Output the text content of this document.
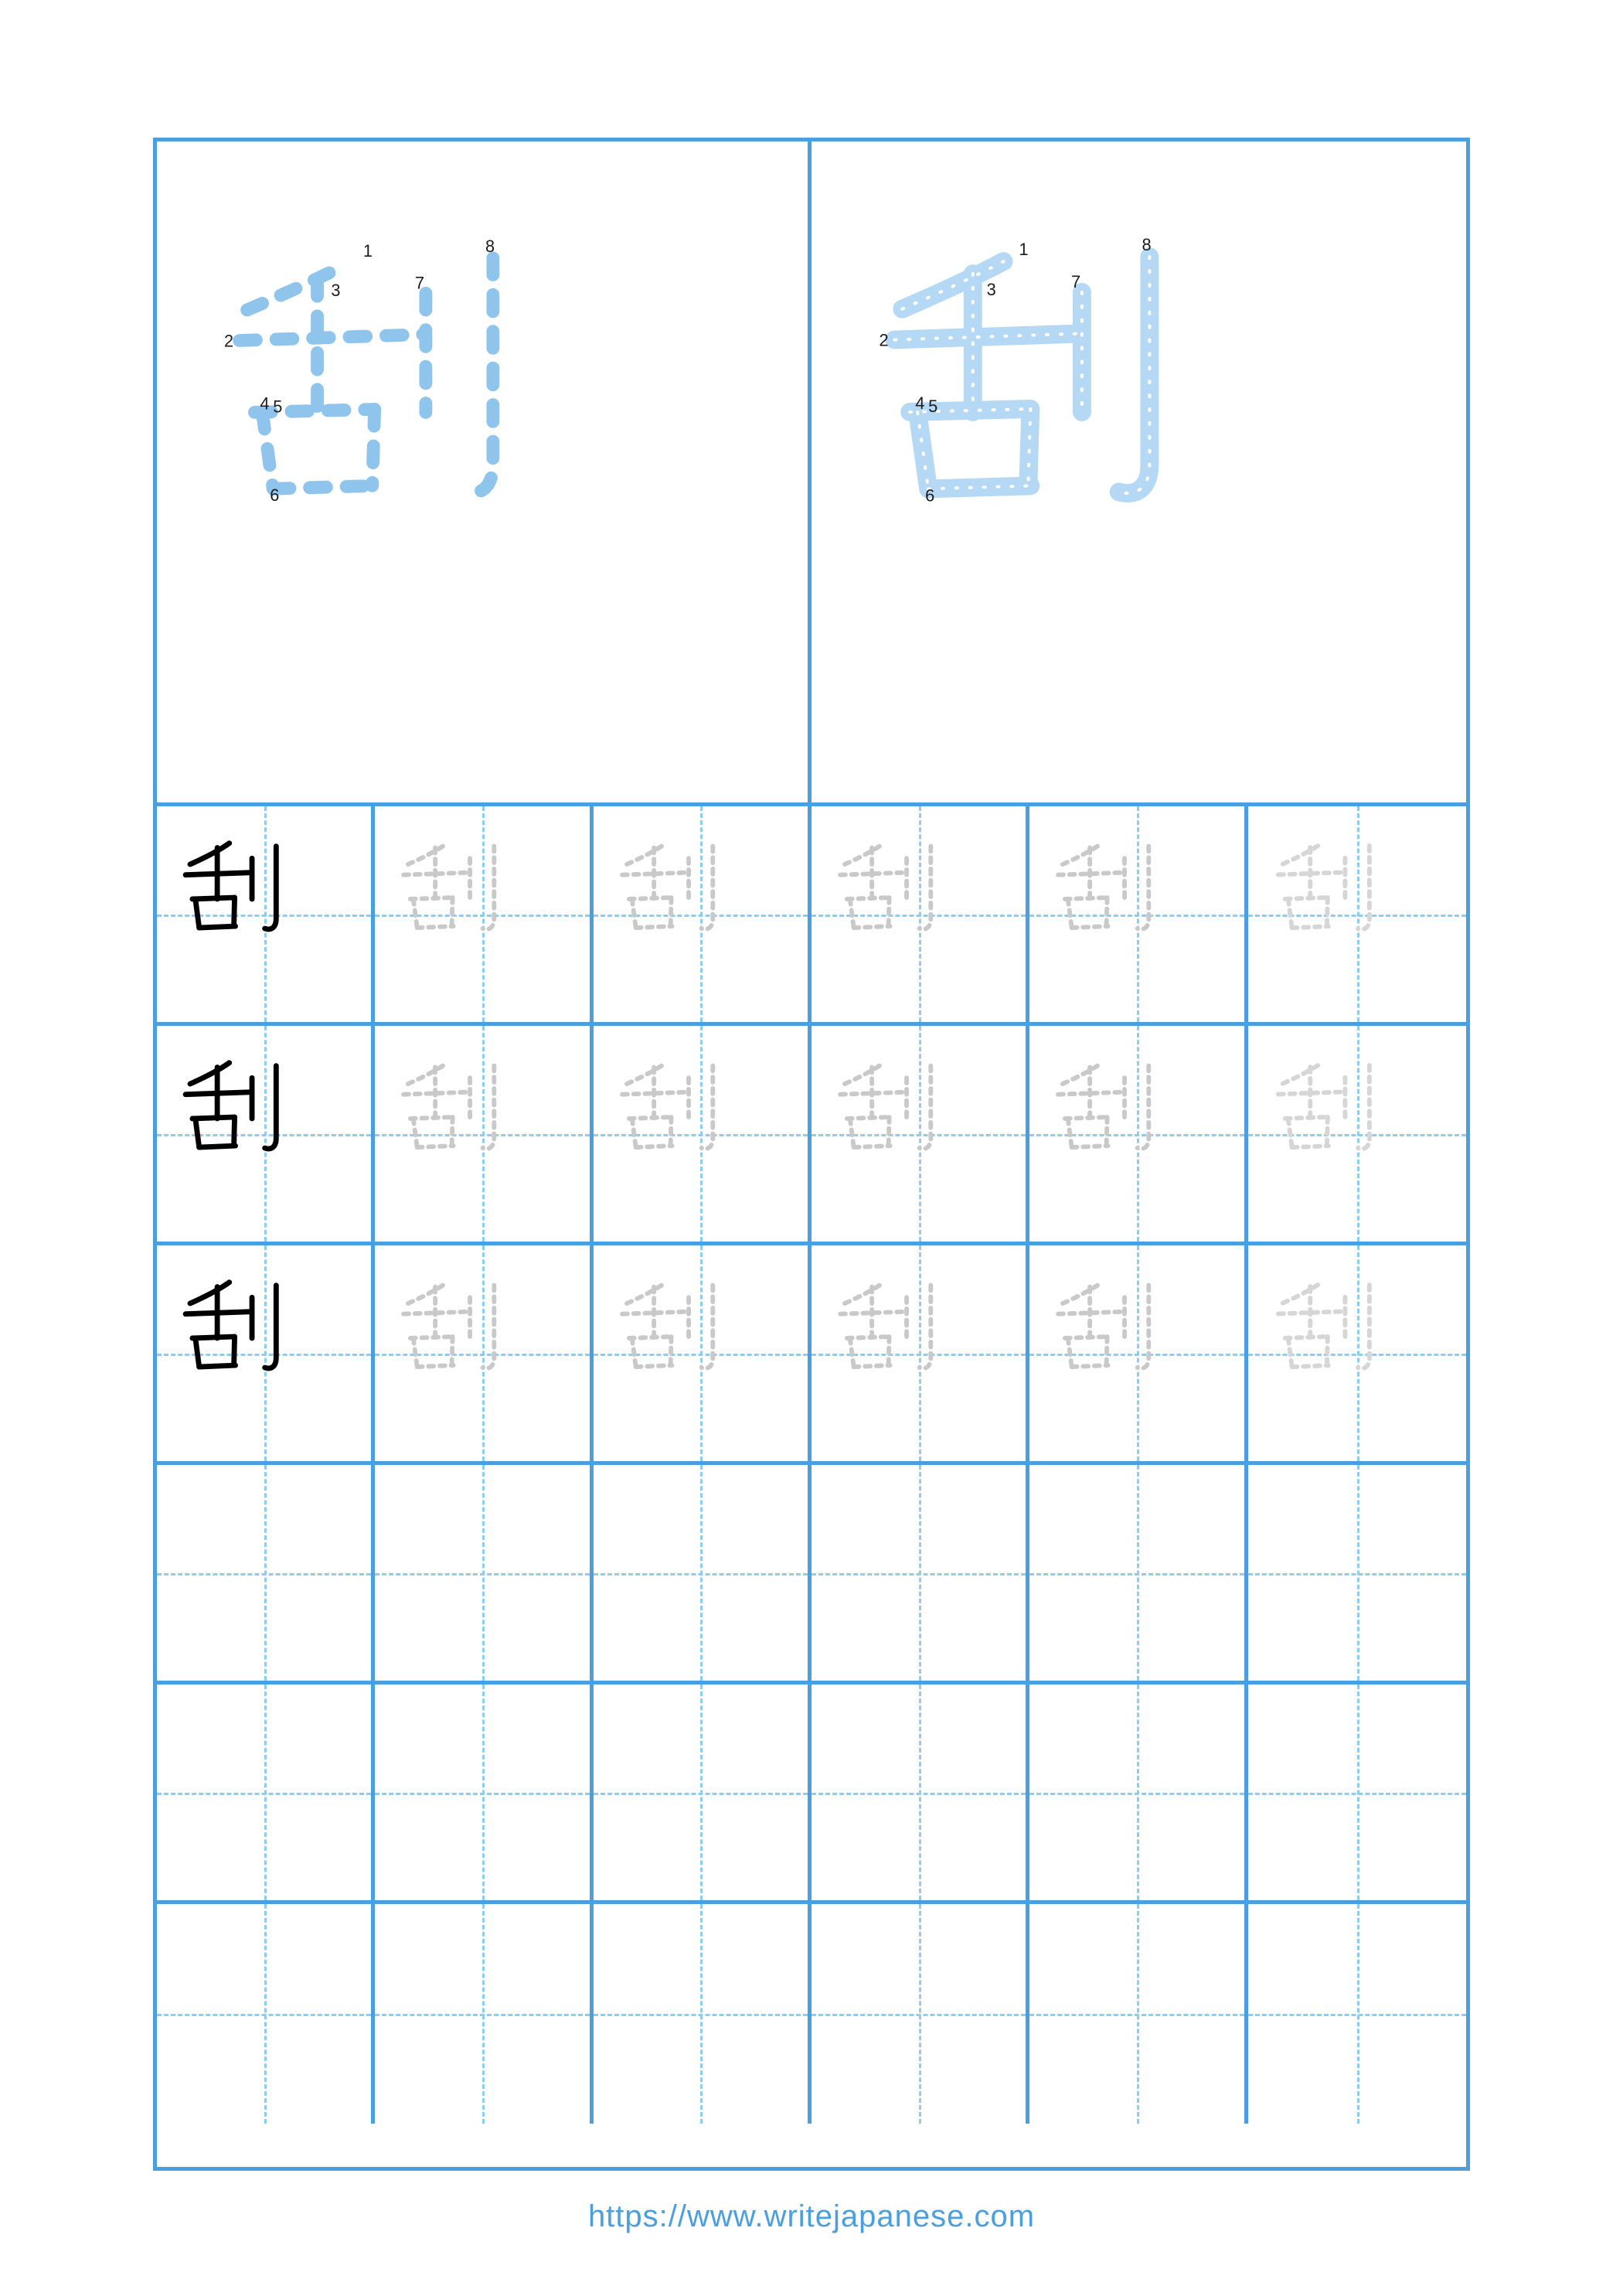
1
2
3
4 5
6
7
8	1
2
3
4 5
6
7
8
https://www.writejapanese.com
